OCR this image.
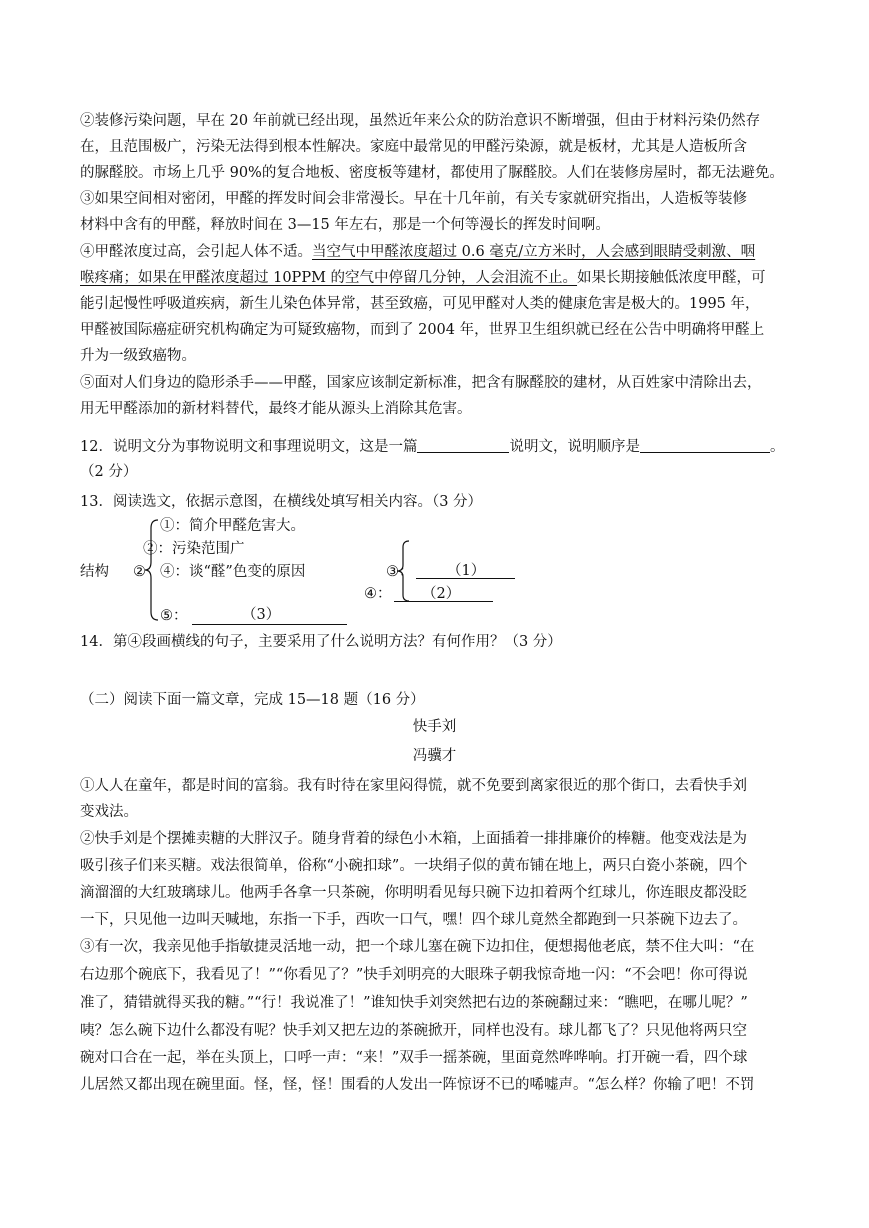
②装修污染问题，早在 20 年前就已经出现，虽然近年来公众的防治意识不断增强，但由于材料污染仍然存
在，且范围极广，污染无法得到根本性解决。家庭中最常见的甲醛污染源，就是板材，尤其是人造板所含
的脲醛胶。市场上几乎 90%的复合地板、密度板等建材，都使用了脲醛胶。人们在装修房屋时，都无法避免。
③如果空间相对密闭，甲醛的挥发时间会非常漫长。早在十几年前，有关专家就研究指出，人造板等装修
材料中含有的甲醛，释放时间在 3—15 年左右，那是一个何等漫长的挥发时间啊。
④甲醛浓度过高，会引起人体不适。当空气中甲醛浓度超过 0.6 毫克/立方米时，人会感到眼睛受刺激、咽
喉疼痛；如果在甲醛浓度超过 10PPM 的空气中停留几分钟，人会泪流不止。如果长期接触低浓度甲醛，可
能引起慢性呼吸道疾病，新生儿染色体异常，甚至致癌，可见甲醛对人类的健康危害是极大的。1995 年，
甲醛被国际癌症研究机构确定为可疑致癌物，而到了 2004 年，世界卫生组织就已经在公告中明确将甲醛上
升为一级致癌物。
⑤面对人们身边的隐形杀手——甲醛，国家应该制定新标准，把含有脲醛胶的建材，从百姓家中清除出去，
用无甲醛添加的新材料替代，最终才能从源头上消除其危害。
12．说明文分为事物说明文和事理说明文，这是一篇	说明文，说明顺序是	。
（2 分）
13．阅读选文，依据示意图，在横线处填写相关内容。（3 分）
结构 ②
①：简介甲醛危害大。
②：污染范围广
④：谈“醛”色变的原因
⑤：	（3）
③： （1）
④： （2）
14．第④段画横线的句子，主要采用了什么说明方法？有何作用？（3 分）
（二）阅读下面一篇文章，完成 15—18 题（16 分）
快手刘
冯骥才
①人人在童年，都是时间的富翁。我有时待在家里闷得慌，就不免要到离家很近的那个街口，去看快手刘
变戏法。
②快手刘是个摆摊卖糖的大胖汉子。随身背着的绿色小木箱，上面插着一排排廉价的棒糖。他变戏法是为
吸引孩子们来买糖。戏法很简单，俗称“小碗扣球”。一块绢子似的黄布铺在地上，两只白瓷小茶碗，四个
滴溜溜的大红玻璃球儿。他两手各拿一只茶碗，你明明看见每只碗下边扣着两个红球儿，你连眼皮都没眨
一下，只见他一边叫天喊地，东指一下手，西吹一口气，嘿！四个球儿竟然全都跑到一只茶碗下边去了。
③有一次，我亲见他手指敏捷灵活地一动，把一个球儿塞在碗下边扣住，便想揭他老底，禁不住大叫：“在
右边那个碗底下，我看见了！”“你看见了？”快手刘明亮的大眼珠子朝我惊奇地一闪：“不会吧！你可得说
准了，猜错就得买我的糖。”“行！我说准了！”谁知快手刘突然把右边的茶碗翻过来：“瞧吧，在哪儿呢？”
咦？怎么碗下边什么都没有呢？快手刘又把左边的茶碗掀开，同样也没有。球儿都飞了？只见他将两只空
碗对口合在一起，举在头顶上，口呼一声：“来！”双手一摇茶碗，里面竟然哗哗响。打开碗一看，四个球
儿居然又都出现在碗里面。怪，怪，怪！围看的人发出一阵惊讶不已的唏嘘声。“怎么样？你输了吧！不罚
